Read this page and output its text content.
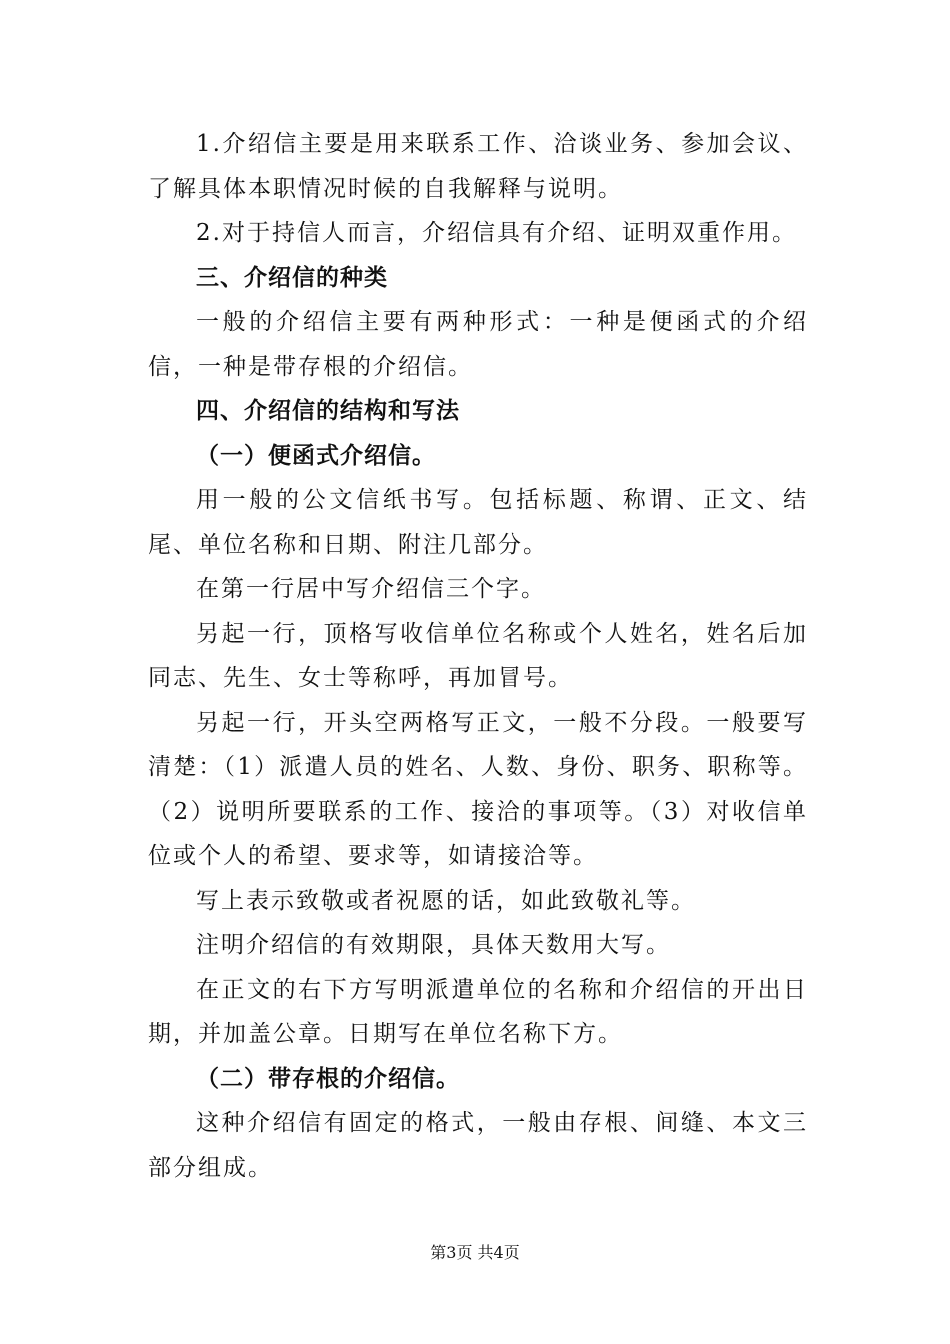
1.介绍信主要是用来联系工作、洽谈业务、参加会议、了解具体本职情况时候的自我解释与说明。

2.对于持信人而言，介绍信具有介绍、证明双重作用。

三、介绍信的种类

一般的介绍信主要有两种形式：一种是便函式的介绍信，一种是带存根的介绍信。

四、介绍信的结构和写法

（一）便函式介绍信。

用一般的公文信纸书写。包括标题、称谓、正文、结尾、单位名称和日期、附注几部分。

在第一行居中写介绍信三个字。

另起一行，顶格写收信单位名称或个人姓名，姓名后加同志、先生、女士等称呼，再加冒号。

另起一行，开头空两格写正文，一般不分段。一般要写清楚：（1）派遣人员的姓名、人数、身份、职务、职称等。（2）说明所要联系的工作、接洽的事项等。（3）对收信单位或个人的希望、要求等，如请接洽等。

写上表示致敬或者祝愿的话，如此致敬礼等。

注明介绍信的有效期限，具体天数用大写。

在正文的右下方写明派遣单位的名称和介绍信的开出日期，并加盖公章。日期写在单位名称下方。

（二）带存根的介绍信。

这种介绍信有固定的格式，一般由存根、间缝、本文三部分组成。

第3页 共4页
